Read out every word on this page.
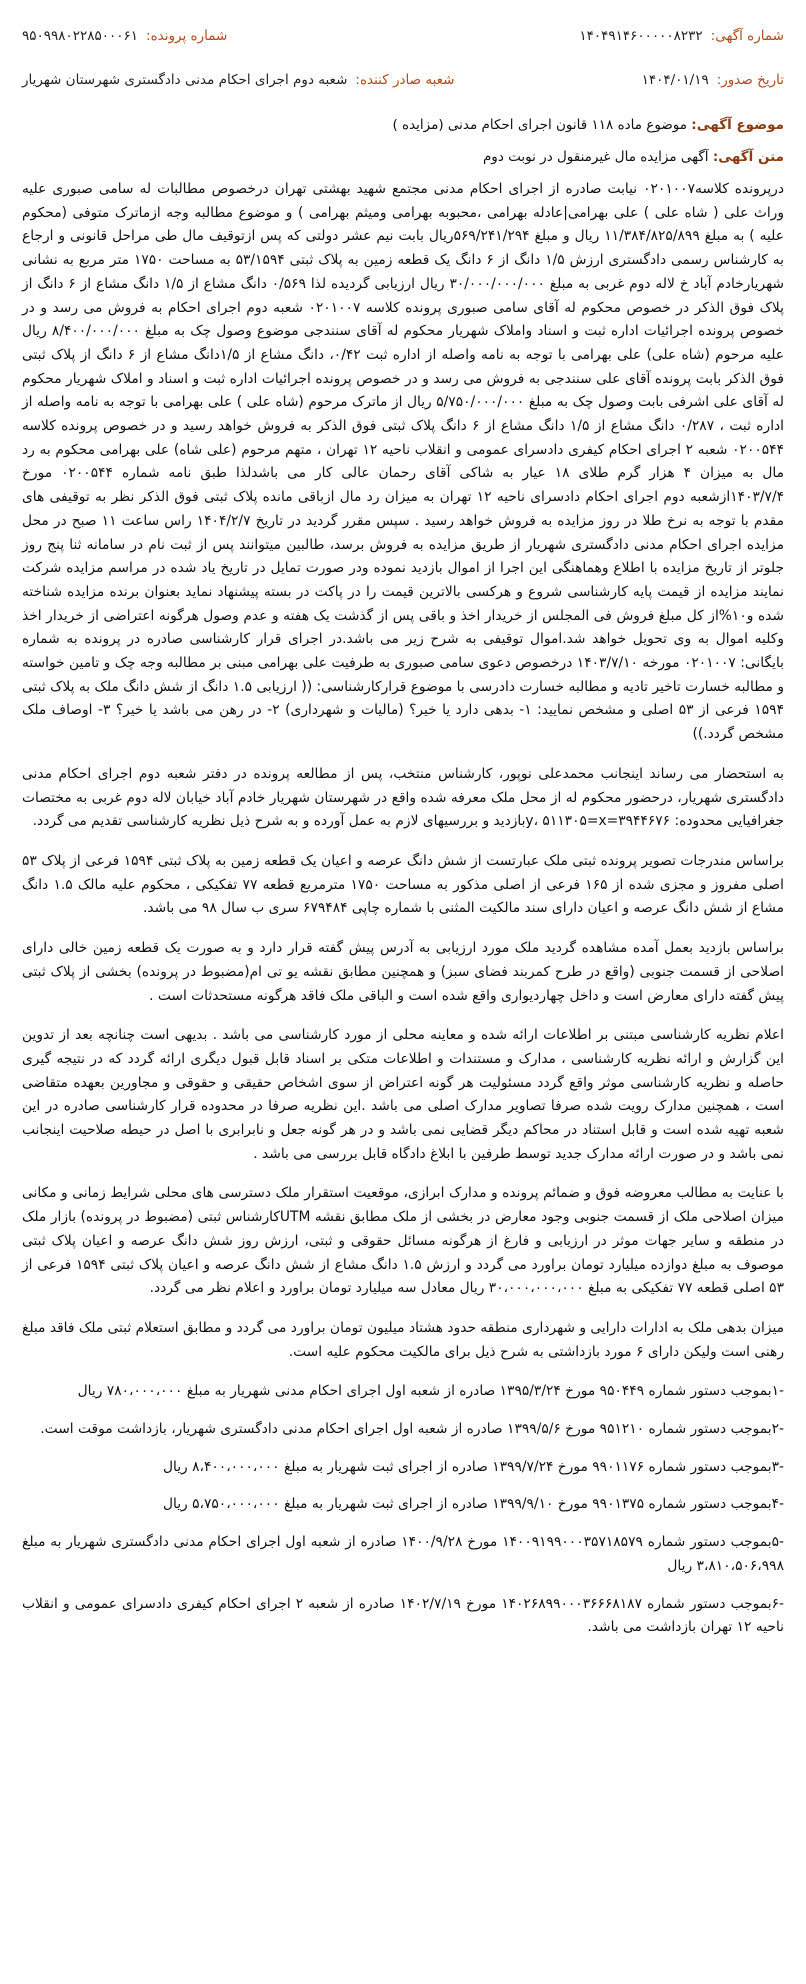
شماره آگهی:
۱۴۰۴۹۱۴۶۰۰۰۰۰۸۲۳۲
شماره پرونده:
۹۵۰۹۹۸۰۲۲۸۵۰۰۰۶۱
تاریخ صدور:
۱۴۰۴/۰۱/۱۹
شعبه صادر کننده:
شعبه دوم اجرای احکام مدنی دادگستری شهرستان شهریار
موضوع آگهی: موضوع ماده ۱۱۸ قانون اجرای احکام مدنی (مزایده )
متن آگهی: آگهی مزایده مال غیرمنقول در نوبت دوم

درپرونده کلاسه۰۲۰۱۰۰۷ نیابت صادره از اجرای احکام مدنی مجتمع شهید بهشتی تهران درخصوص مطالبات له سامی صبوری علیه وراث علی ( شاه علی ) علی بهرامی|عادله بهرامی ،محبوبه بهرامی ومیثم بهرامی ) و موضوع مطالبه وجه ازماترک متوفی (محکوم علیه ) به مبلغ ۱۱/۳۸۴/۸۲۵/۸۹۹ ریال و مبلغ ۵۶۹/۲۴۱/۲۹۴ریال بابت نیم عشر دولتی که پس ازتوقیف مال طی مراحل قانونی و ارجاع به کارشناس رسمی دادگستری ارزش ۱/۵ دانگ از ۶ دانگ یک قطعه زمین به پلاک ثبتی ۵۳/۱۵۹۴ به مساحت ۱۷۵۰ متر مربع به نشانی شهریارخادم آباد خ لاله دوم غربی به مبلغ ۳۰/۰۰۰/۰۰۰/۰۰۰ ریال ارزیابی گردیده لذا ۰/۵۶۹ دانگ مشاع از ۱/۵ دانگ مشاع از ۶ دانگ از پلاک فوق الذکر در خصوص محکوم له آقای سامی صبوری پرونده کلاسه ۰۲۰۱۰۰۷ شعبه دوم اجرای احکام به فروش می رسد و در خصوص پرونده اجرائیات اداره ثبت و اسناد واملاک شهریار محکوم له آقای سنندجی موضوع وصول چک به مبلغ ۸/۴۰۰/۰۰۰/۰۰۰ ریال علیه مرحوم (شاه علی) علی بهرامی با توجه به نامه واصله از اداره ثبت ۰/۴۲، دانگ مشاع از ۱/۵دانگ مشاع از ۶ دانگ از پلاک ثبتی فوق الذکر بابت پرونده آقای علی سنندجی به فروش می رسد و در خصوص پرونده اجرائیات اداره ثبت و اسناد و املاک شهریار محکوم له آقای علی اشرفی بابت وصول چک به مبلغ ۵/۷۵۰/۰۰۰/۰۰۰ ریال از ماترک مرحوم (شاه علی ) علی بهرامی با توجه به نامه واصله از اداره ثبت ، ۰/۲۸۷ دانگ مشاع از ۱/۵ دانگ مشاع از ۶ دانگ پلاک ثبتی فوق الذکر به فروش خواهد رسید و در خصوص پرونده کلاسه ۰۲۰۰۵۴۴ شعبه ۲ اجرای احکام کیفری دادسرای عمومی و انقلاب ناحیه ۱۲ تهران ، متهم مرحوم (علی شاه) علی بهرامی محکوم به رد مال به میزان ۴ هزار گرم طلای ۱۸ عیار به شاکی آقای رحمان عالی کار می باشدلذا طبق نامه شماره ۰۲۰۰۵۴۴ مورخ ۱۴۰۳/۷/۴ازشعبه دوم اجرای احکام دادسرای ناحیه ۱۲ تهران به میزان رد مال ازباقی مانده پلاک ثبتی فوق الذکر نظر به توقیفی های مقدم با توجه به نرخ طلا در روز مزایده به فروش خواهد رسید . سپس مقرر گردید در تاریخ ۱۴۰۴/۲/۷ راس ساعت ۱۱ صبح در محل مزایده اجرای احکام مدنی دادگستری شهریار از طریق مزایده به فروش برسد، طالبین میتوانند پس از ثبت نام در سامانه ثنا پنج روز جلوتر از تاریخ مزایده با اطلاع وهماهنگی این اجرا از اموال بازدید نموده ودر صورت تمایل در تاریخ یاد شده در مراسم مزایده شرکت نمایند مزایده از قیمت پایه کارشناسی شروع و هرکسی بالاترین قیمت را در پاکت در بسته پیشنهاد نماید بعنوان برنده مزایده شناخته شده و۱۰%از کل مبلغ فروش فی المجلس از خریدار اخذ و باقی پس از گذشت یک هفته و عدم وصول هرگونه اعتراضی از خریدار اخذ وکلیه اموال به وی تحویل خواهد شد.اموال توقیفی به شرح زیر می باشد.در اجرای قرار کارشناسی صادره در پرونده به شماره بایگانی: ۰۲۰۱۰۰۷ مورخه ۱۴۰۳/۷/۱۰ درخصوص دعوی سامی صبوری به طرفیت علی بهرامی مبنی بر مطالبه وجه چک و تامین خواسته و مطالبه خسارت تاخیر تادیه و مطالبه خسارت دادرسی با موضوع قرارکارشناسی: (( ارزیابی ۱.۵ دانگ از شش دانگ ملک به پلاک ثبتی ۱۵۹۴ فرعی از ۵۳ اصلی و مشخص نمایید: ۱- بدهی دارد یا خیر؟ (مالیات و شهرداری) ۲- در رهن می باشد یا خیر؟ ۳- اوصاف ملک مشخص گردد.))

به استحضار می رساند اینجانب محمدعلی نوپور، کارشناس منتخب، پس از مطالعه پرونده در دفتر شعبه دوم اجرای احکام مدنی دادگستری شهریار، درحضور محکوم له از محل ملک معرفه شده واقع در شهرستان شهریار خادم آباد خیابان لاله دوم غربی به مختصات جغرافیایی محدوده: ۳۹۴۴۶۷۶=y، ۵۱۱۳۰۵=xبازدید و بررسیهای لازم به عمل آورده و به شرح ذیل نظریه کارشناسی تقدیم می گردد.

براساس مندرجات تصویر پرونده ثبتی ملک عبارتست از شش دانگ عرصه و اعیان یک قطعه زمین به پلاک ثبتی ۱۵۹۴ فرعی از پلاک ۵۳ اصلی مفروز و مجزی شده از ۱۶۵ فرعی از اصلی مذکور به مساحت ۱۷۵۰ مترمربع قطعه ۷۷ تفکیکی ، محکوم علیه مالک ۱.۵ دانگ مشاع از شش دانگ عرصه و اعیان دارای سند مالکیت المثنی با شماره چاپی ۶۷۹۴۸۴ سری ب سال ۹۸ می باشد.

براساس بازدید بعمل آمده مشاهده گردید ملک مورد ارزیابی به آدرس پیش گفته قرار دارد و به صورت یک قطعه زمین خالی دارای اصلاحی از قسمت جنوبی (واقع در طرح کمربند فضای سبز) و همچنین مطابق نقشه یو تی ام(مضبوط در پرونده) بخشی از پلاک ثبتی پیش گفته دارای معارض است و داخل چهاردیواری واقع شده است و الباقی ملک فاقد هرگونه مستحدثات است .

اعلام نظریه کارشناسی مبتنی بر اطلاعات ارائه شده و معاینه محلی از مورد کارشناسی می باشد . بدیهی است چنانچه بعد از تدوین این گزارش و ارائه نظریه کارشناسی ، مدارک و مستندات و اطلاعات متکی بر اسناد قابل قبول دیگری ارائه گردد که در نتیجه گیری حاصله و نظریه کارشناسی موثر واقع گردد مسئولیت هر گونه اعتراض از سوی اشخاص حقیقی و حقوقی و مجاورین بعهده متقاضی است ، همچنین مدارک رویت شده صرفا تصاویر مدارک اصلی می باشد .این نظریه صرفا در محدوده قرار کارشناسی صادره در این شعبه تهیه شده است و قابل استناد در محاکم دیگر قضایی نمی باشد و در هر گونه جعل و نابرابری با اصل در حیطه صلاحیت اینجانب نمی باشد و در صورت ارائه مدارک جدید توسط طرفین با ابلاغ دادگاه قابل بررسی می باشد .

با عنایت به مطالب معروضه فوق و ضمائم پرونده و مدارک ابرازی، موقعیت استقرار ملک دسترسی های محلی شرایط زمانی و مکانی میزان اصلاحی ملک از قسمت جنوبی وجود معارض در بخشی از ملک مطابق نقشه UTMکارشناس ثبتی (مضبوط در پرونده) بازار ملک در منطقه و سایر جهات موثر در ارزیابی و فارغ از هرگونه مسائل حقوقی و ثبتی، ارزش روز شش دانگ عرصه و اعیان پلاک ثبتی موصوف به مبلغ دوازده میلیارد تومان براورد می گردد و ارزش ۱.۵ دانگ مشاع از شش دانگ عرصه و اعیان پلاک ثبتی ۱۵۹۴ فرعی از ۵۳ اصلی قطعه ۷۷ تفکیکی به مبلغ ۳۰،۰۰۰،۰۰۰،۰۰۰ ریال معادل سه میلیارد تومان براورد و اعلام نظر می گردد.

میزان بدهی ملک به ادارات دارایی و شهرداری منطقه حدود هشتاد میلیون تومان براورد می گردد و مطابق استعلام ثبتی ملک فاقد مبلغ رهنی است ولیکن دارای ۶ مورد بازداشتی به شرح ذیل برای مالکیت محکوم علیه است.

-۱بموجب دستور شماره ۹۵۰۴۴۹ مورخ ۱۳۹۵/۳/۲۴ صادره از شعبه اول اجرای احکام مدنی شهریار به مبلغ ۷۸۰،۰۰۰،۰۰۰ ریال

-۲بموجب دستور شماره ۹۵۱۲۱۰ مورخ ۱۳۹۹/۵/۶ صادره از شعبه اول اجرای احکام مدنی دادگستری شهریار، بازداشت موقت است.

-۳بموجب دستور شماره ۹۹۰۱۱۷۶ مورخ ۱۳۹۹/۷/۲۴ صادره از اجرای ثبت شهریار به مبلغ ۸،۴۰۰،۰۰۰،۰۰۰ ریال

-۴بموجب دستور شماره ۹۹۰۱۳۷۵ مورخ ۱۳۹۹/۹/۱۰ صادره از اجرای ثبت شهریار به مبلغ ۵،۷۵۰،۰۰۰،۰۰۰ ریال

-۵بموجب دستور شماره ۱۴۰۰۹۱۹۹۰۰۰۳۵۷۱۸۵۷۹ مورخ ۱۴۰۰/۹/۲۸ صادره از شعبه اول اجرای احکام مدنی دادگستری شهریار به مبلغ ۳،۸۱۰،۵۰۶،۹۹۸ ریال

-۶بموجب دستور شماره ۱۴۰۲۶۸۹۹۰۰۰۳۶۶۶۸۱۸۷ مورخ ۱۴۰۲/۷/۱۹ صادره از شعبه ۲ اجرای احکام کیفری دادسرای عمومی و انقلاب ناحیه ۱۲ تهران بازداشت می باشد.
